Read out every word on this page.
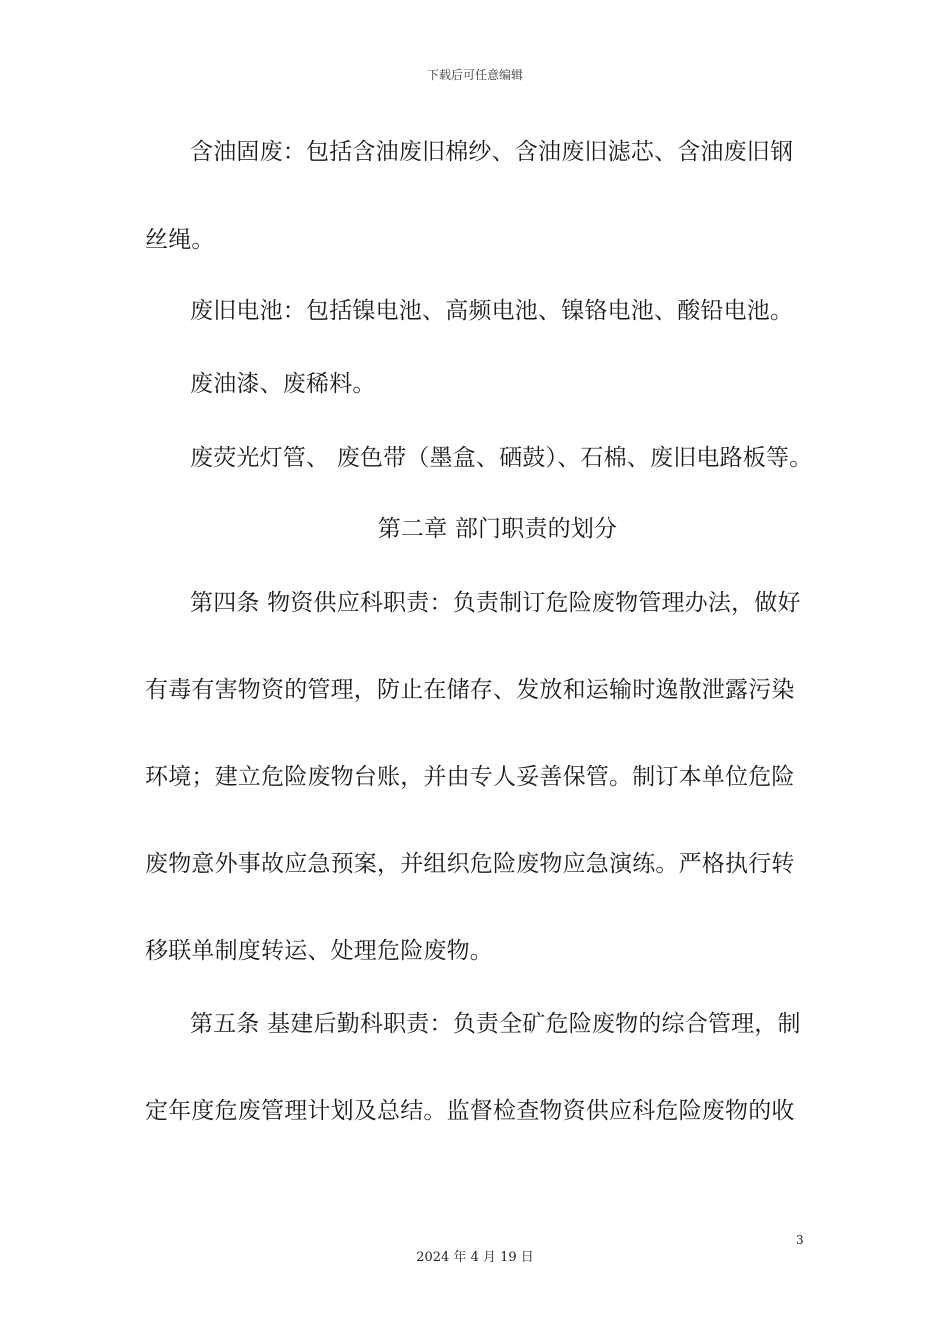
下载后可任意编辑
含油固废：包括含油废旧棉纱、含油废旧滤芯、含油废旧钢
丝绳。
废旧电池：包括镍电池、高频电池、镍铬电池、酸铅电池。
废油漆、废稀料。
废荧光灯管、 废色带（墨盒、硒鼓）、石棉、废旧电路板等。
第二章 部门职责的划分
第四条 物资供应科职责：负责制订危险废物管理办法，做好
有毒有害物资的管理，防止在储存、发放和运输时逸散泄露污染
环境；建立危险废物台账，并由专人妥善保管。制订本单位危险
废物意外事故应急预案，并组织危险废物应急演练。严格执行转
移联单制度转运、处理危险废物。
第五条 基建后勤科职责：负责全矿危险废物的综合管理，制
定年度危废管理计划及总结。监督检查物资供应科危险废物的收
3
2024 年 4 月 19 日
